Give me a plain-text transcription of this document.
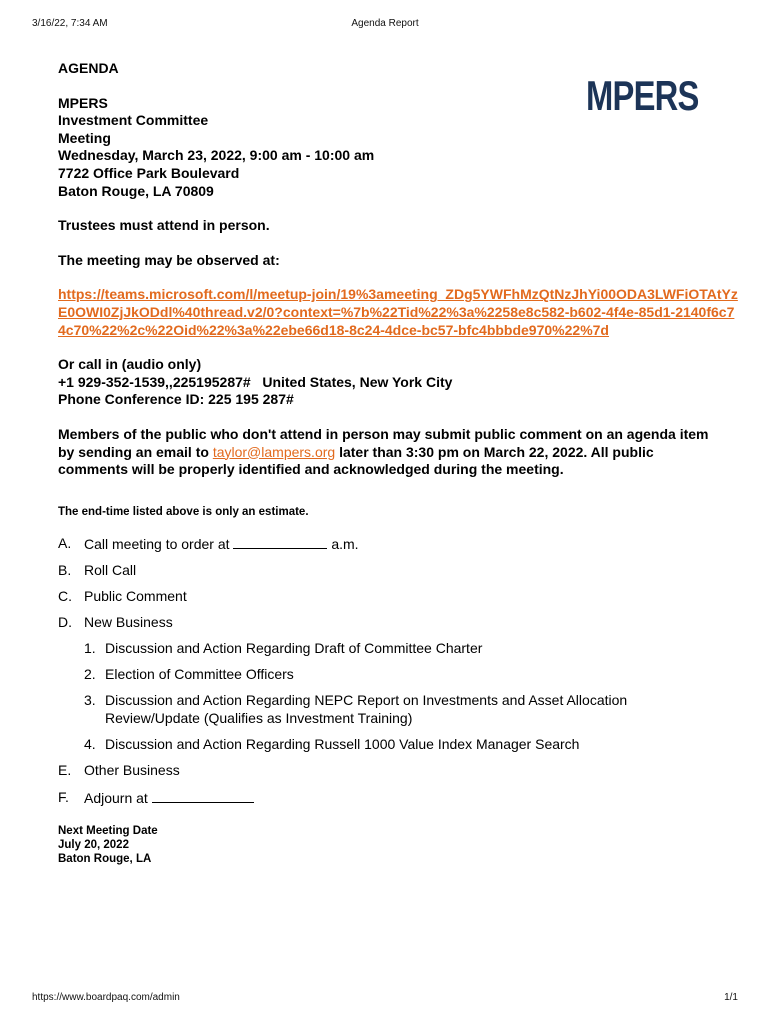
3/16/22, 7:34 AM	Agenda Report
MPERS
AGENDA
MPERS
Investment Committee
Meeting
Wednesday, March 23, 2022, 9:00 am - 10:00 am
7722 Office Park Boulevard
Baton Rouge, LA 70809
Trustees must attend in person.
The meeting may be observed at:
https://teams.microsoft.com/l/meetup-join/19%3ameeting_ZDg5YWFhMzQtNzJhYi00ODA3LWFiOTAtYzE0OWI0ZjJkODdl%40thread.v2/0?context=%7b%22Tid%22%3a%2258e8c582-b602-4f4e-85d1-2140f6c74c70%22%2c%22Oid%22%3a%22ebe66d18-8c24-4dce-bc57-bfc4bbbde970%22%7d
Or call in (audio only)
+1 929-352-1539,,225195287#   United States, New York City
Phone Conference ID: 225 195 287#
Members of the public who don't attend in person may submit public comment on an agenda item by sending an email to taylor@lampers.org later than 3:30 pm on March 22, 2022. All public comments will be properly identified and acknowledged during the meeting.
The end-time listed above is only an estimate.
A. Call meeting to order at	a.m.
B. Roll Call
C. Public Comment
D. New Business
1. Discussion and Action Regarding Draft of Committee Charter
2. Election of Committee Officers
3. Discussion and Action Regarding NEPC Report on Investments and Asset Allocation Review/Update (Qualifies as Investment Training)
4. Discussion and Action Regarding Russell 1000 Value Index Manager Search
E. Other Business
F. Adjourn at
Next Meeting Date
July 20, 2022
Baton Rouge, LA
https://www.boardpaq.com/admin	1/1
